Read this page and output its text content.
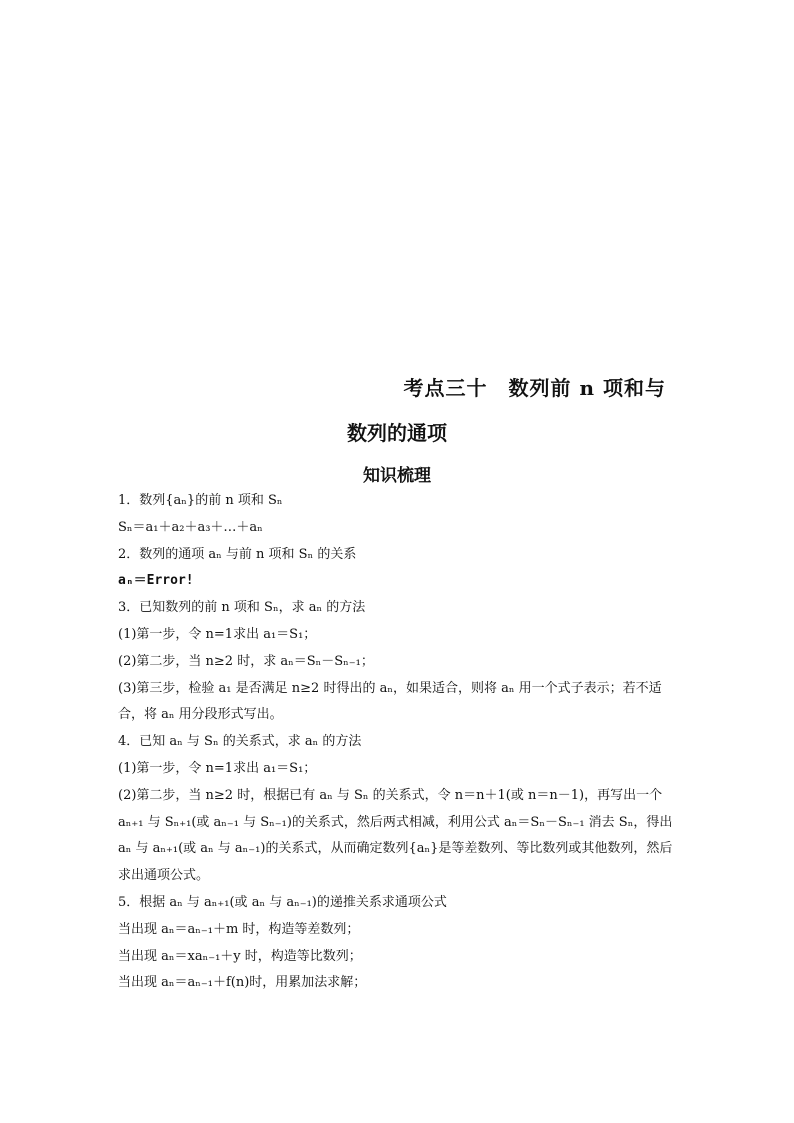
考点三十　数列前 n 项和与
数列的通项
知识梳理
1．数列{aₙ}的前 n 项和 Sₙ
Sₙ＝a₁＋a₂＋a₃＋…＋aₙ
2．数列的通项 aₙ 与前 n 项和 Sₙ 的关系
aₙ＝Error!
3．已知数列的前 n 项和 Sₙ，求 aₙ 的方法
(1)第一步，令 n=1求出 a₁＝S₁；
(2)第二步，当 n≥2 时，求 aₙ＝Sₙ－Sₙ₋₁；
(3)第三步，检验 a₁ 是否满足 n≥2 时得出的 aₙ，如果适合，则将 aₙ 用一个式子表示；若不适合，将 aₙ 用分段形式写出。
4．已知 aₙ 与 Sₙ 的关系式，求 aₙ 的方法
(1)第一步，令 n=1求出 a₁＝S₁；
(2)第二步，当 n≥2 时，根据已有 aₙ 与 Sₙ 的关系式，令 n＝n＋1(或 n＝n－1)，再写出一个 aₙ₊₁ 与 Sₙ₊₁(或 aₙ₋₁ 与 Sₙ₋₁)的关系式，然后两式相减，利用公式 aₙ＝Sₙ－Sₙ₋₁ 消去 Sₙ，得出 aₙ 与 aₙ₊₁(或 aₙ 与 aₙ₋₁)的关系式，从而确定数列{aₙ}是等差数列、等比数列或其他数列，然后求出通项公式。
5．根据 aₙ 与 aₙ₊₁(或 aₙ 与 aₙ₋₁)的递推关系求通项公式
当出现 aₙ＝aₙ₋₁＋m 时，构造等差数列；
当出现 aₙ＝xaₙ₋₁＋y 时，构造等比数列；
当出现 aₙ＝aₙ₋₁＋f(n)时，用累加法求解；
